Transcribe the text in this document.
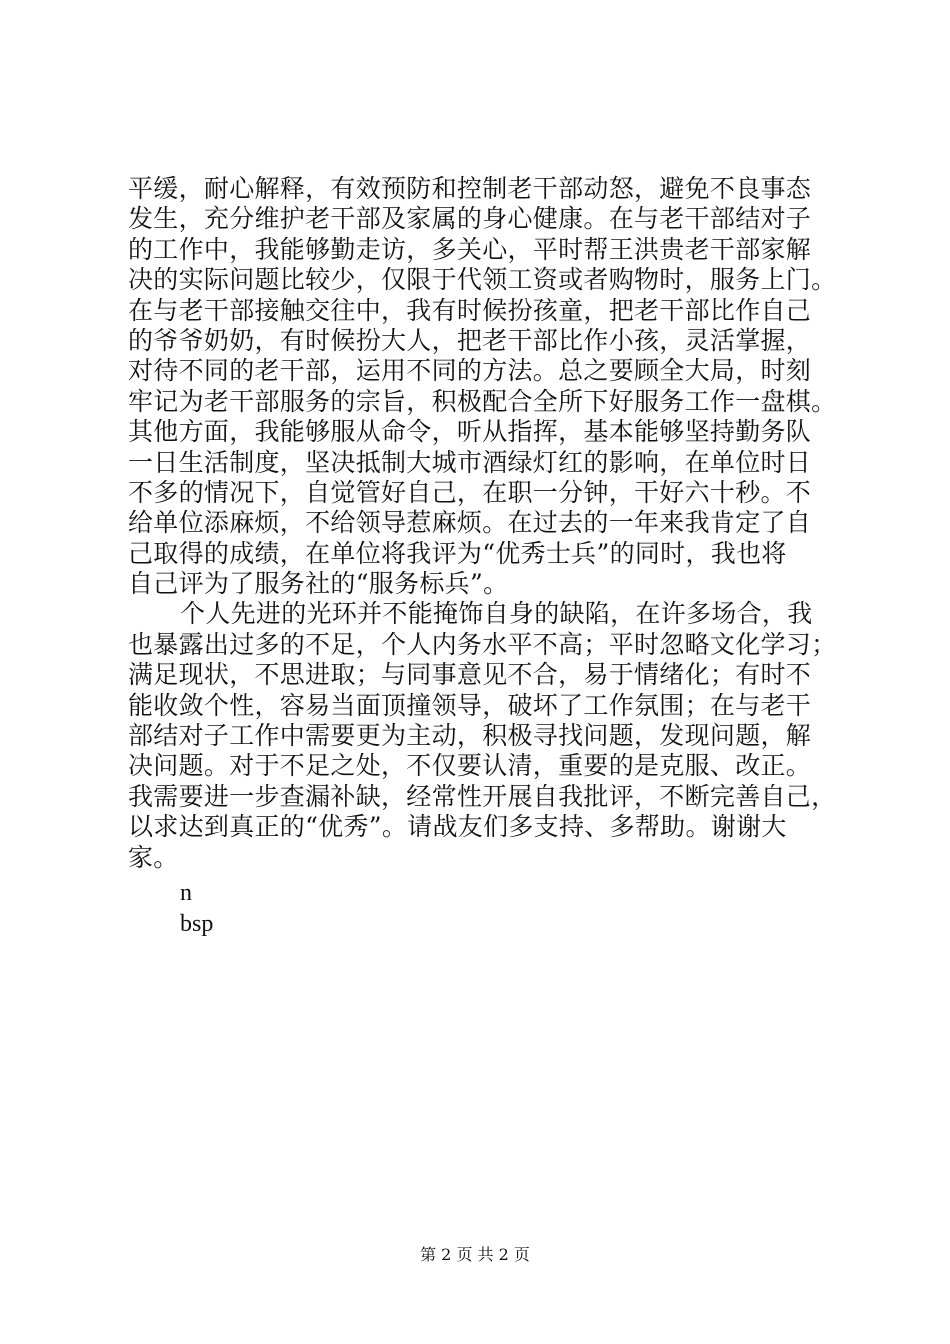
平缓，耐心解释，有效预防和控制老干部动怒，避免不良事态
发生，充分维护老干部及家属的身心健康。在与老干部结对子
的工作中，我能够勤走访，多关心，平时帮王洪贵老干部家解
决的实际问题比较少，仅限于代领工资或者购物时，服务上门。
在与老干部接触交往中，我有时候扮孩童，把老干部比作自己
的爷爷奶奶，有时候扮大人，把老干部比作小孩，灵活掌握，
对待不同的老干部，运用不同的方法。总之要顾全大局，时刻
牢记为老干部服务的宗旨，积极配合全所下好服务工作一盘棋。
其他方面，我能够服从命令，听从指挥，基本能够坚持勤务队
一日生活制度，坚决抵制大城市酒绿灯红的影响，在单位时日
不多的情况下，自觉管好自己，在职一分钟，干好六十秒。不
给单位添麻烦，不给领导惹麻烦。在过去的一年来我肯定了自
己取得的成绩，在单位将我评为“优秀士兵”的同时，我也将
自己评为了服务社的“服务标兵”。
个人先进的光环并不能掩饰自身的缺陷，在许多场合，我
也暴露出过多的不足，个人内务水平不高；平时忽略文化学习；
满足现状，不思进取；与同事意见不合，易于情绪化；有时不
能收敛个性，容易当面顶撞领导，破坏了工作氛围；在与老干
部结对子工作中需要更为主动，积极寻找问题，发现问题，解
决问题。对于不足之处，不仅要认清，重要的是克服、改正。
我需要进一步查漏补缺，经常性开展自我批评，不断完善自己，
以求达到真正的“优秀”。请战友们多支持、多帮助。谢谢大
家。
n
bsp
第 2 页 共 2 页
